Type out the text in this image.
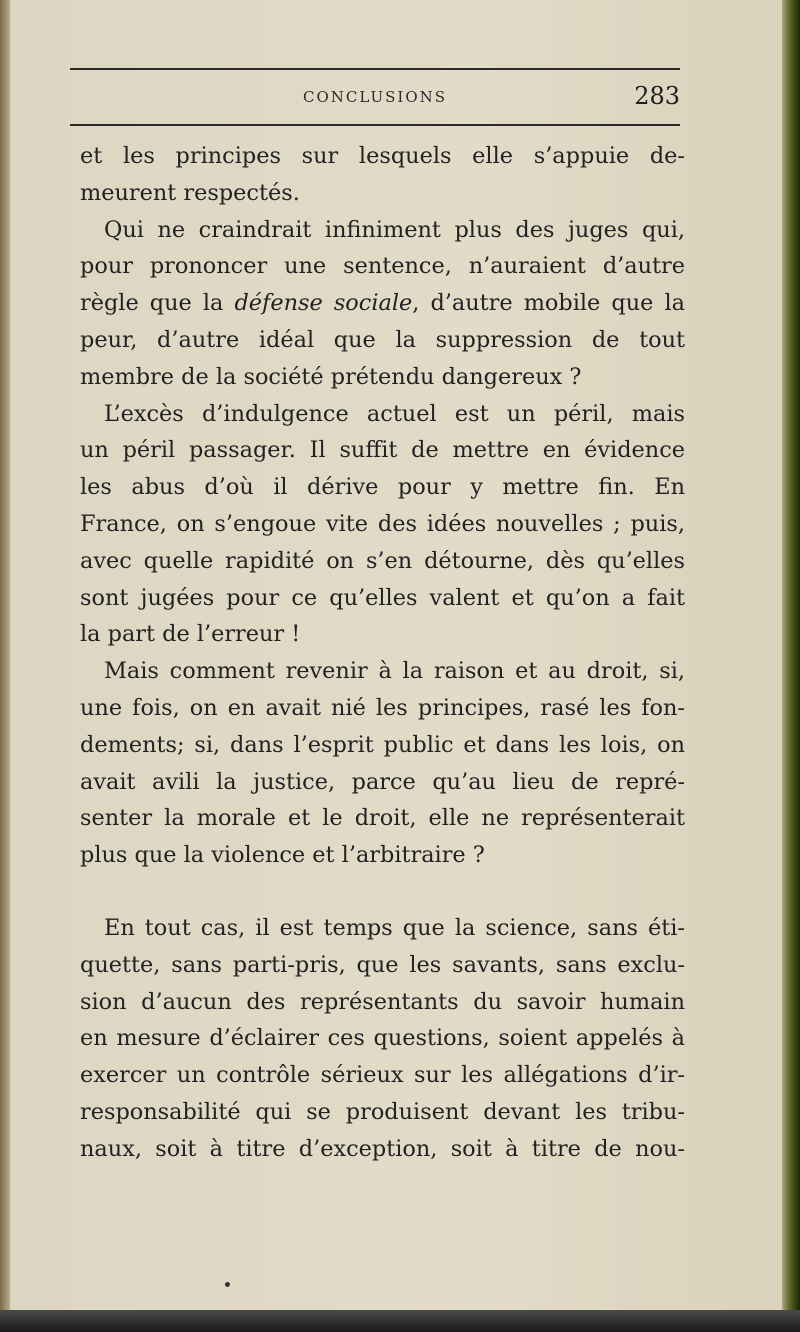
CONCLUSIONS	283
et les principes sur lesquels elle s’appuie de-
meurent respectés.
Qui ne craindrait infiniment plus des juges qui,
pour prononcer une sentence, n’auraient d’autre
règle que la défense sociale, d’autre mobile que la
peur, d’autre idéal que la suppression de tout
membre de la société prétendu dangereux ?
L’excès d’indulgence actuel est un péril, mais
un péril passager. Il suffit de mettre en évidence
les abus d’où il dérive pour y mettre fin. En
France, on s’engoue vite des idées nouvelles ; puis,
avec quelle rapidité on s’en détourne, dès qu’elles
sont jugées pour ce qu’elles valent et qu’on a fait
la part de l’erreur !
Mais comment revenir à la raison et au droit, si,
une fois, on en avait nié les principes, rasé les fon-
dements; si, dans l’esprit public et dans les lois, on
avait avili la justice, parce qu’au lieu de repré-
senter la morale et le droit, elle ne représenterait
plus que la violence et l’arbitraire ?
En tout cas, il est temps que la science, sans éti-
quette, sans parti-pris, que les savants, sans exclu-
sion d’aucun des représentants du savoir humain
en mesure d’éclairer ces questions, soient appelés à
exercer un contrôle sérieux sur les allégations d’ir-
responsabilité qui se produisent devant les tribu-
naux, soit à titre d’exception, soit à titre de nou-
